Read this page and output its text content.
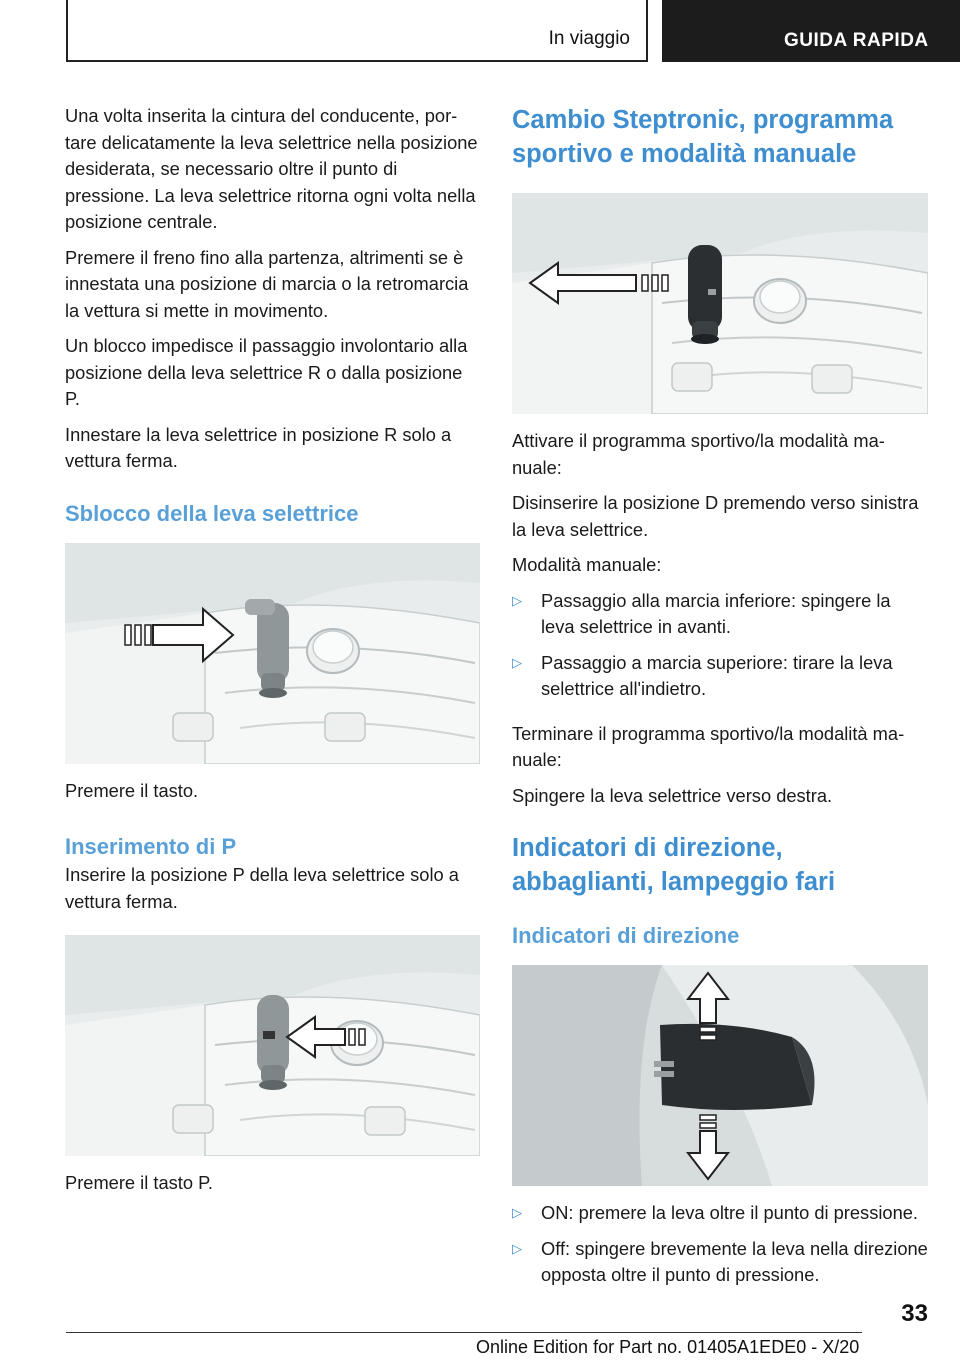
In viaggio	GUIDA RAPIDA

Una volta inserita la cintura del conducente, portare delicatamente la leva selettrice nella posizione desiderata, se necessario oltre il punto di pressione. La leva selettrice ritorna ogni volta nella posizione centrale.

Premere il freno fino alla partenza, altrimenti se è innestata una posizione di marcia o la retromarcia la vettura si mette in movimento.

Un blocco impedisce il passaggio involontario alla posizione della leva selettrice R o dalla posizione P.

Innestare la leva selettrice in posizione R solo a vettura ferma.

Sblocco della leva selettrice

Premere il tasto.

Inserimento di P

Inserire la posizione P della leva selettrice solo a vettura ferma.

Premere il tasto P.

Cambio Steptronic, programma sportivo e modalità manuale

Attivare il programma sportivo/la modalità manuale:

Disinserire la posizione D premendo verso sinistra la leva selettrice.

Modalità manuale:

▷ Passaggio alla marcia inferiore: spingere la leva selettrice in avanti.
▷ Passaggio a marcia superiore: tirare la leva selettrice all'indietro.

Terminare il programma sportivo/la modalità manuale:

Spingere la leva selettrice verso destra.

Indicatori di direzione, abbaglianti, lampeggio fari
Indicatori di direzione
▷ ON: premere la leva oltre il punto di pressione.
▷ Off: spingere brevemente la leva nella direzione opposta oltre il punto di pressione.
33
Online Edition for Part no. 01405A1EDE0 - X/20
